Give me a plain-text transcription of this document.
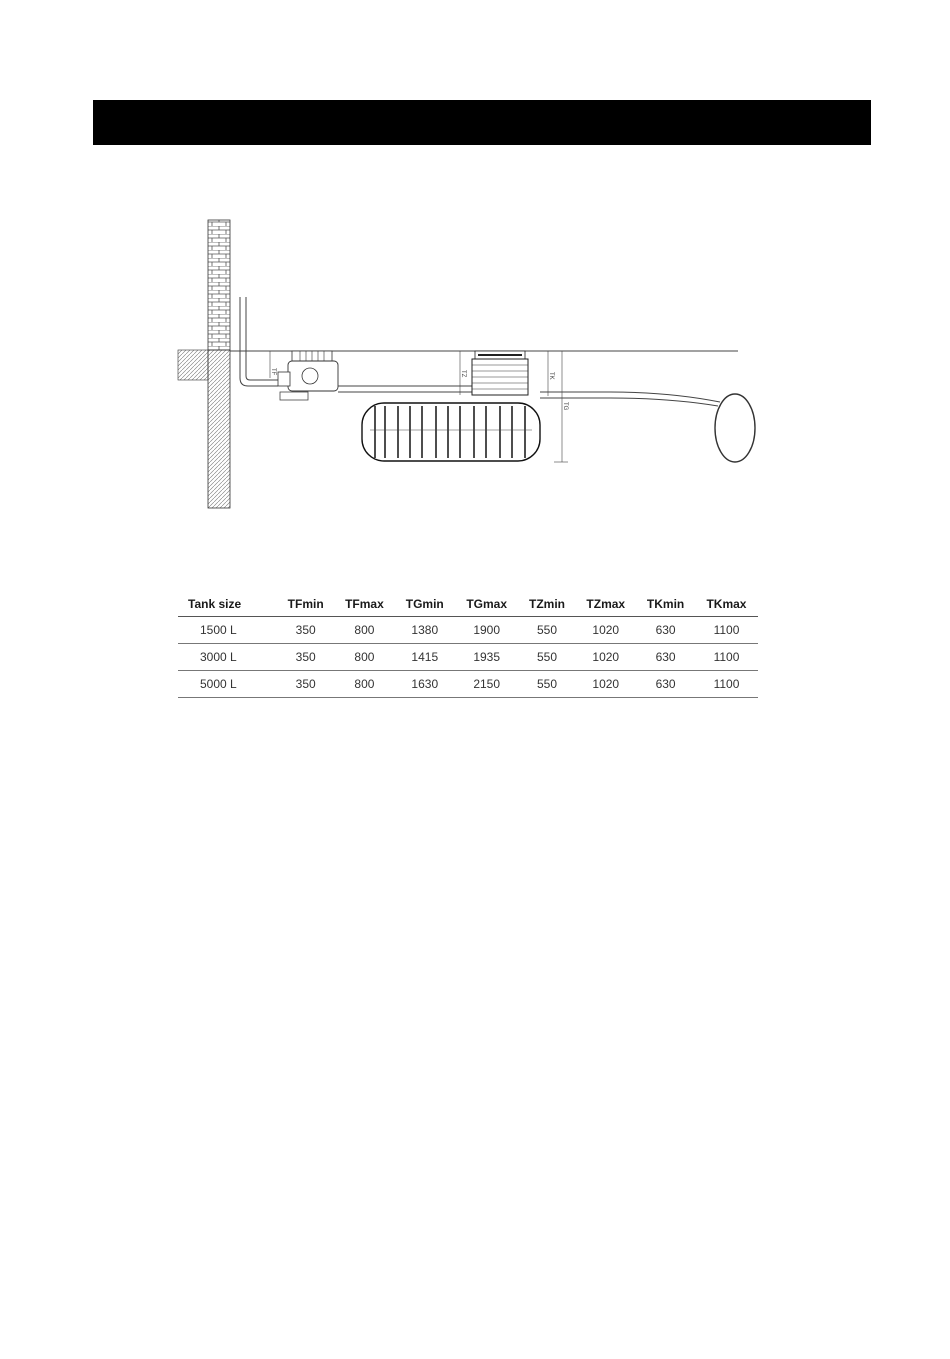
TF	TZ	TK
TG
Tank size	TFmin	TFmax	TGmin	TGmax	TZmin	TZmax	TKmin	TKmax
1500 L	350	800	1380	1900	550	1020	630	1100
3000 L	350	800	1415	1935	550	1020	630	1100
5000 L	350	800	1630	2150	550	1020	630	1100
